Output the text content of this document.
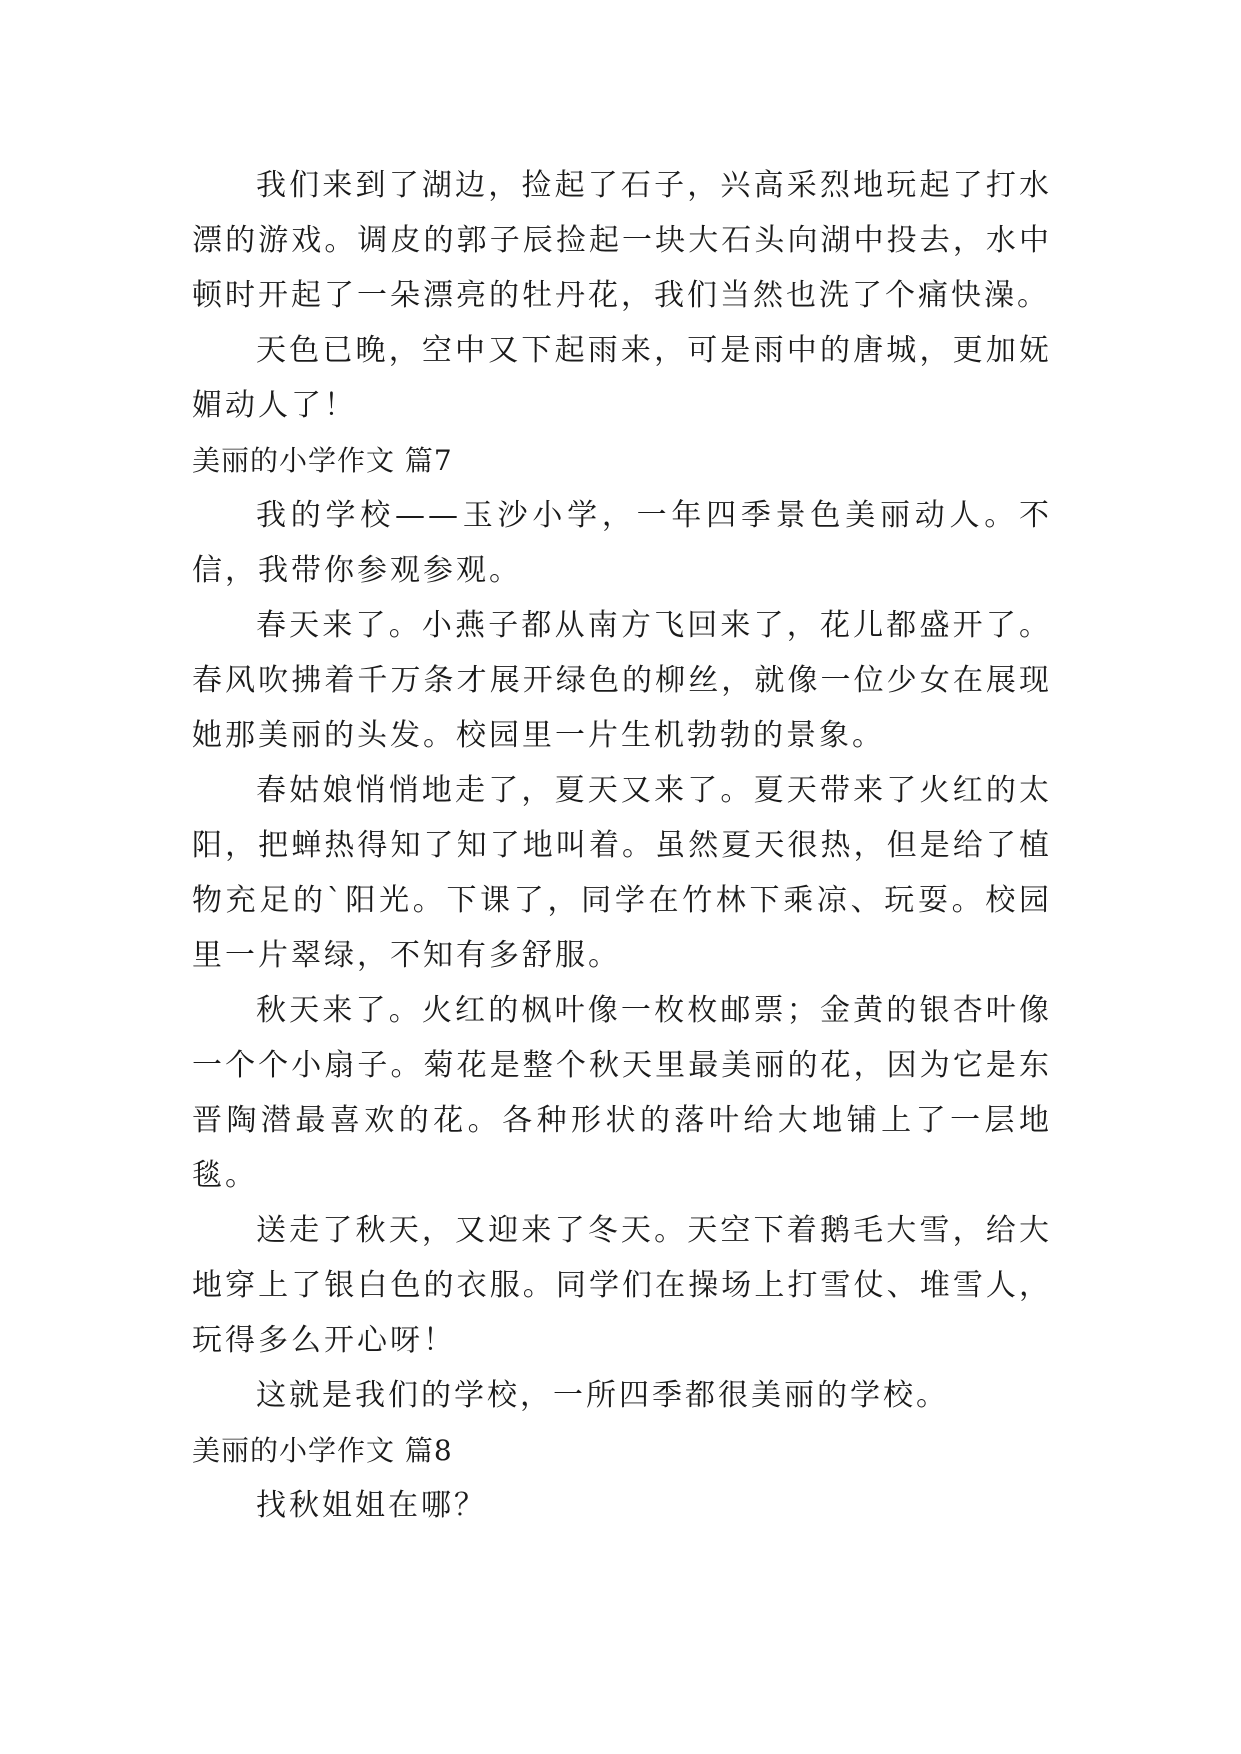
我们来到了湖边，捡起了石子，兴高采烈地玩起了打水漂的游戏。调皮的郭子辰捡起一块大石头向湖中投去，水中顿时开起了一朵漂亮的牡丹花，我们当然也洗了个痛快澡。

天色已晚，空中又下起雨来，可是雨中的唐城，更加妩媚动人了！

美丽的小学作文 篇7

我的学校——玉沙小学，一年四季景色美丽动人。不信，我带你参观参观。

春天来了。小燕子都从南方飞回来了，花儿都盛开了。春风吹拂着千万条才展开绿色的柳丝，就像一位少女在展现她那美丽的头发。校园里一片生机勃勃的景象。

春姑娘悄悄地走了，夏天又来了。夏天带来了火红的太阳，把蝉热得知了知了地叫着。虽然夏天很热，但是给了植物充足的`阳光。下课了，同学在竹林下乘凉、玩耍。校园里一片翠绿，不知有多舒服。

秋天来了。火红的枫叶像一枚枚邮票；金黄的银杏叶像一个个小扇子。菊花是整个秋天里最美丽的花，因为它是东晋陶潜最喜欢的花。各种形状的落叶给大地铺上了一层地毯。

送走了秋天，又迎来了冬天。天空下着鹅毛大雪，给大地穿上了银白色的衣服。同学们在操场上打雪仗、堆雪人，玩得多么开心呀！

这就是我们的学校，一所四季都很美丽的学校。

美丽的小学作文 篇8

找秋姐姐在哪？
